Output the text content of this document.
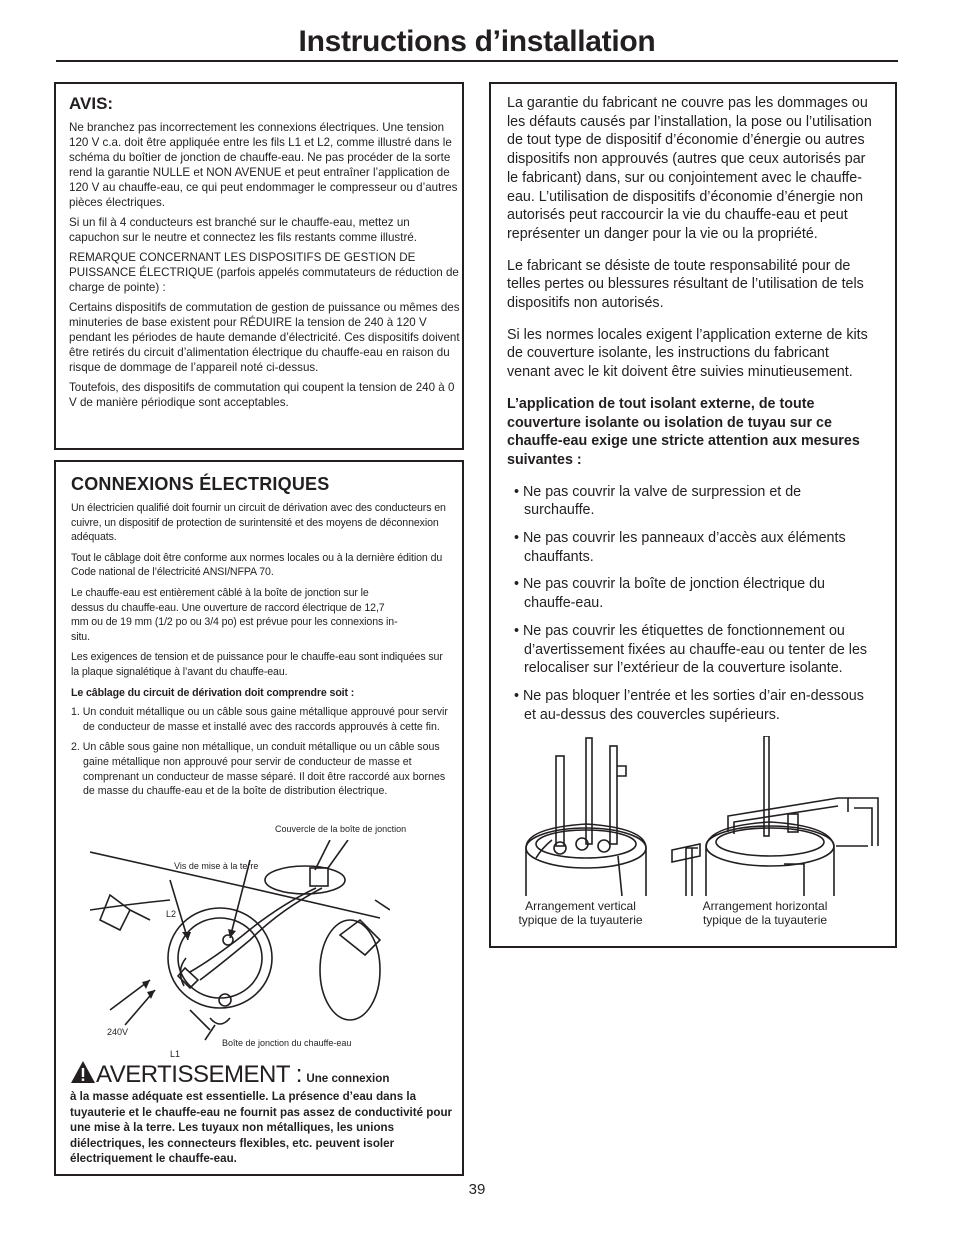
Instructions d’installation
AVIS:

Ne branchez pas incorrectement les connexions électriques. Une tension 120 V c.a. doit être appliquée entre les fils L1 et L2, comme illustré dans le schéma du boîtier de jonction de chauffe-eau. Ne pas procéder de la sorte rend la garantie NULLE et NON AVENUE et peut entraîner l’application de 120 V au chauffe-eau, ce qui peut endommager le compresseur ou d’autres pièces électriques.

Si un fil à 4 conducteurs est branché sur le chauffe-eau, mettez un capuchon sur le neutre et connectez les fils restants comme illustré.

REMARQUE CONCERNANT LES DISPOSITIFS DE GESTION DE PUISSANCE ÉLECTRIQUE (parfois appelés commutateurs de réduction de charge de pointe) :

Certains dispositifs de commutation de gestion de puissance ou mêmes des minuteries de base existent pour RÉDUIRE la tension de 240 à 120 V pendant les périodes de haute demande d’électricité. Ces dispositifs doivent être retirés du circuit d’alimentation électrique du chauffe-eau en raison du risque de dommage de l’appareil noté ci-dessus.

Toutefois, des dispositifs de commutation qui coupent la tension de 240 à 0 V de manière périodique sont acceptables.

CONNEXIONS ÉLECTRIQUES

Un électricien qualifié doit fournir un circuit de dérivation avec des conducteurs en cuivre, un dispositif de protection de surintensité et des moyens de déconnexion adéquats.

Tout le câblage doit être conforme aux normes locales ou à la dernière édition du Code national de l’électricité ANSI/NFPA 70.

Le chauffe-eau est entièrement câblé à la boîte de jonction sur le dessus du chauffe-eau. Une ouverture de raccord électrique de 12,7 mm ou de 19 mm (1/2 po ou 3/4 po) est prévue pour les connexions in-situ.

Les exigences de tension et de puissance pour le chauffe-eau sont indiquées sur la plaque signalétique à l’avant du chauffe-eau.

Le câblage du circuit de dérivation doit comprendre soit :

1. Un conduit métallique ou un câble sous gaine métallique approuvé pour servir de conducteur de masse et installé avec des raccords approuvés à cette fin.
2. Un câble sous gaine non métallique, un conduit métallique ou un câble sous gaine métallique non approuvé pour servir de conducteur de masse et comprenant un conducteur de masse séparé. Il doit être raccordé aux bornes de masse du chauffe-eau et de la boîte de distribution électrique.
Couvercle de la boîte de jonction
Vis de mise à la terre
L2
240V
L1
Boîte de jonction du chauffe-eau
AVERTISSEMENT : Une connexion

à la masse adéquate est essentielle. La présence d’eau dans la tuyauterie et le chauffe-eau ne fournit pas assez de conductivité pour une mise à la terre. Les tuyaux non métalliques, les unions diélectriques, les connecteurs flexibles, etc. peuvent isoler électriquement le chauffe-eau.

La garantie du fabricant ne couvre pas les dommages ou les défauts causés par l’installation, la pose ou l’utilisation de tout type de dispositif d’économie d’énergie ou autres dispositifs non approuvés (autres que ceux autorisés par le fabricant) dans, sur ou conjointement avec le chauffe-eau. L’utilisation de dispositifs d’économie d’énergie non autorisés peut raccourcir la vie du chauffe-eau et peut représenter un danger pour la vie ou la propriété.

Le fabricant se désiste de toute responsabilité pour de telles pertes ou blessures résultant de l’utilisation de tels dispositifs non autorisés.

Si les normes locales exigent l’application externe de kits de couverture isolante, les instructions du fabricant venant avec le kit doivent être suivies minutieusement.

L’application de tout isolant externe, de toute couverture isolante ou isolation de tuyau sur ce chauffe-eau exige une stricte attention aux mesures suivantes :

• Ne pas couvrir la valve de surpression et de surchauffe.
• Ne pas couvrir les panneaux d’accès aux éléments chauffants.
• Ne pas couvrir la boîte de jonction électrique du chauffe-eau.
• Ne pas couvrir les étiquettes de fonctionnement ou d’avertissement fixées au chauffe-eau ou tenter de les relocaliser sur l’extérieur de la couverture isolante.
• Ne pas bloquer l’entrée et les sorties d’air en-dessous et au-dessus des couvercles supérieurs.
Arrangement vertical typique de la tuyauterie
Arrangement horizontal typique de la tuyauterie
39
